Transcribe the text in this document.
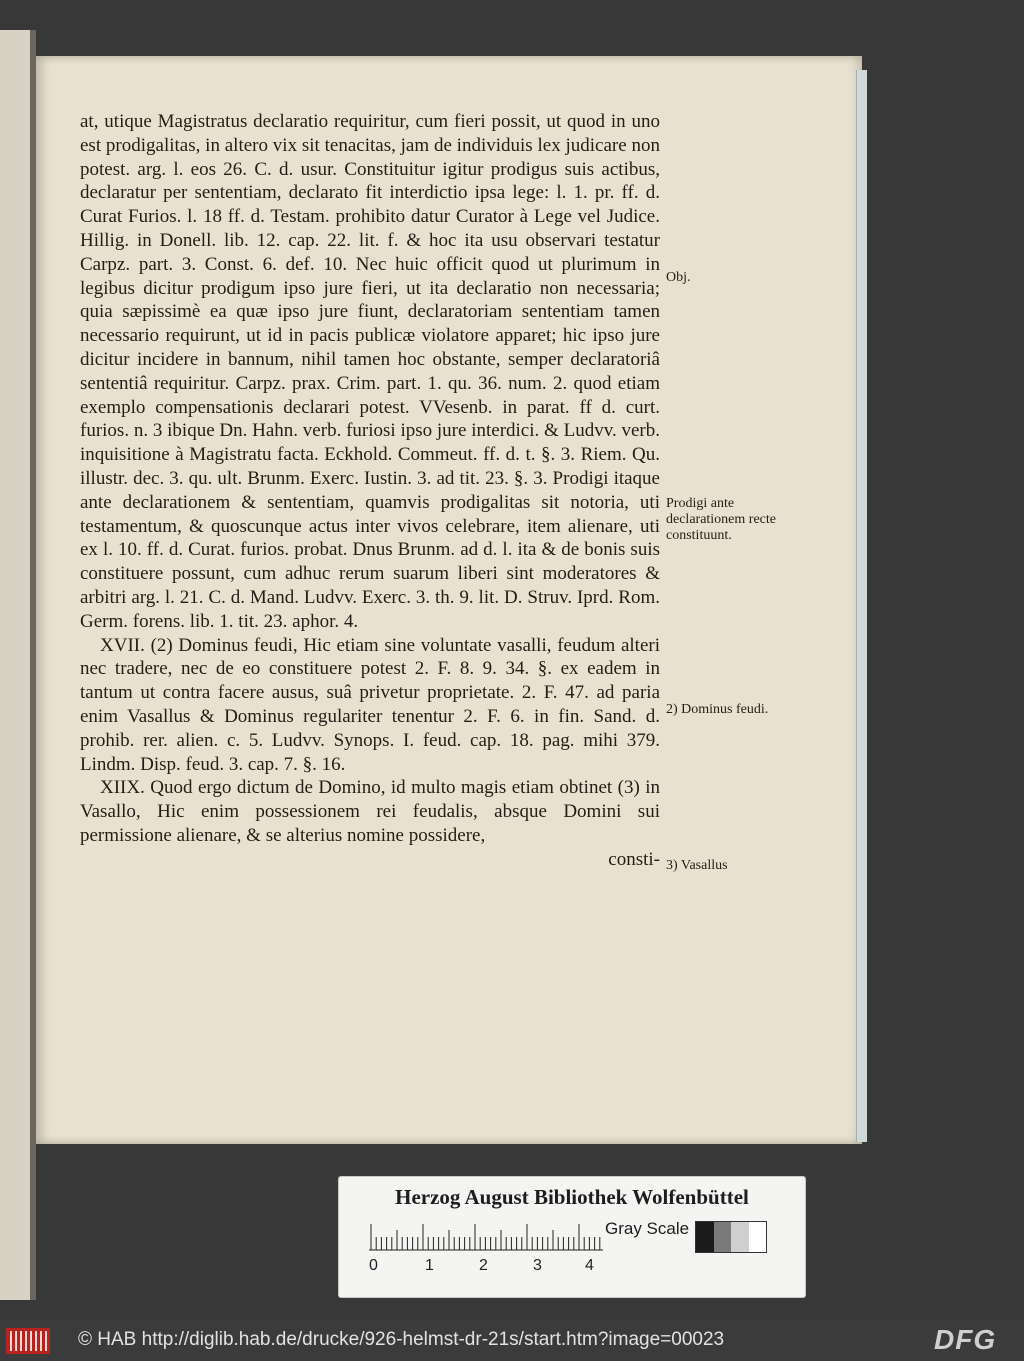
at, utique Magistratus declaratio requiritur, cum fieri possit, ut quod in uno est prodigalitas, in altero vix sit tenacitas, jam de individuis lex judicare non potest. arg. l. eos 26. C. d. usur. Constituitur igitur prodigus suis actibus, declaratur per sententiam, declarato fit interdictio ipsa lege: l. 1. pr. ff. d. Curat Furios. l. 18 ff. d. Testam. prohibito datur Curator à Lege vel Judice. Hillig. in Donell. lib. 12. cap. 22. lit. f. & hoc ita usu observari testatur Carpz. part. 3. Const. 6. def. 10. Nec huic officit quod ut plurimum in legibus dicitur prodigum ipso jure fieri, ut ita declaratio non necessaria; quia sæpissimè ea quæ ipso jure fiunt, declaratoriam sententiam tamen necessario requirunt, ut id in pacis publicæ violatore apparet; hic ipso jure dicitur incidere in bannum, nihil tamen hoc obstante, semper declaratoriâ sententiâ requiritur. Carpz. prax. Crim. part. 1. qu. 36. num. 2. quod etiam exemplo compensationis declarari potest. VVesenb. in parat. ff d. curt. furios. n. 3 ibique Dn. Hahn. verb. furiosi ipso jure interdici. & Ludvv. verb. inquisitione à Magistratu facta. Eckhold. Commeut. ff. d. t. §. 3. Riem. Qu. illustr. dec. 3. qu. ult. Brunm. Exerc. Iustin. 3. ad tit. 23. §. 3. Prodigi itaque ante declarationem & sententiam, quamvis prodigalitas sit notoria, uti testamentum, & quoscunque actus inter vivos celebrare, item alienare, uti ex l. 10. ff. d. Curat. furios. probat. Dnus Brunm. ad d. l. ita & de bonis suis constituere possunt, cum adhuc rerum suarum liberi sint moderatores & arbitri arg. l. 21. C. d. Mand. Ludvv. Exerc. 3. th. 9. lit. D. Struv. Iprd. Rom. Germ. forens. lib. 1. tit. 23. aphor. 4.

XVII. (2) Dominus feudi, Hic etiam sine voluntate vasalli, feudum alteri nec tradere, nec de eo constituere potest 2. F. 8. 9. 34. §. ex eadem in tantum ut contra facere ausus, suâ privetur proprietate. 2. F. 47. ad paria enim Vasallus & Dominus regulariter tenentur 2. F. 6. in fin. Sand. d. prohib. rer. alien. c. 5. Ludvv. Synops. I. feud. cap. 18. pag. mihi 379. Lindm. Disp. feud. 3. cap. 7. §. 16.

XIIX. Quod ergo dictum de Domino, id multo magis etiam obtinet (3) in Vasallo, Hic enim possessionem rei feudalis, absque Domini sui permissione alienare, & se alterius nomine possidere,

consti-

Obj.
Prodigi ante declarationem recte constituunt.
2) Dominus feudi.
3) Vasallus
Herzog August Bibliothek Wolfenbüttel
0	1	2	3	4
Gray Scale
© HAB http://diglib.hab.de/drucke/926-helmst-dr-21s/start.htm?image=00023	DFG
